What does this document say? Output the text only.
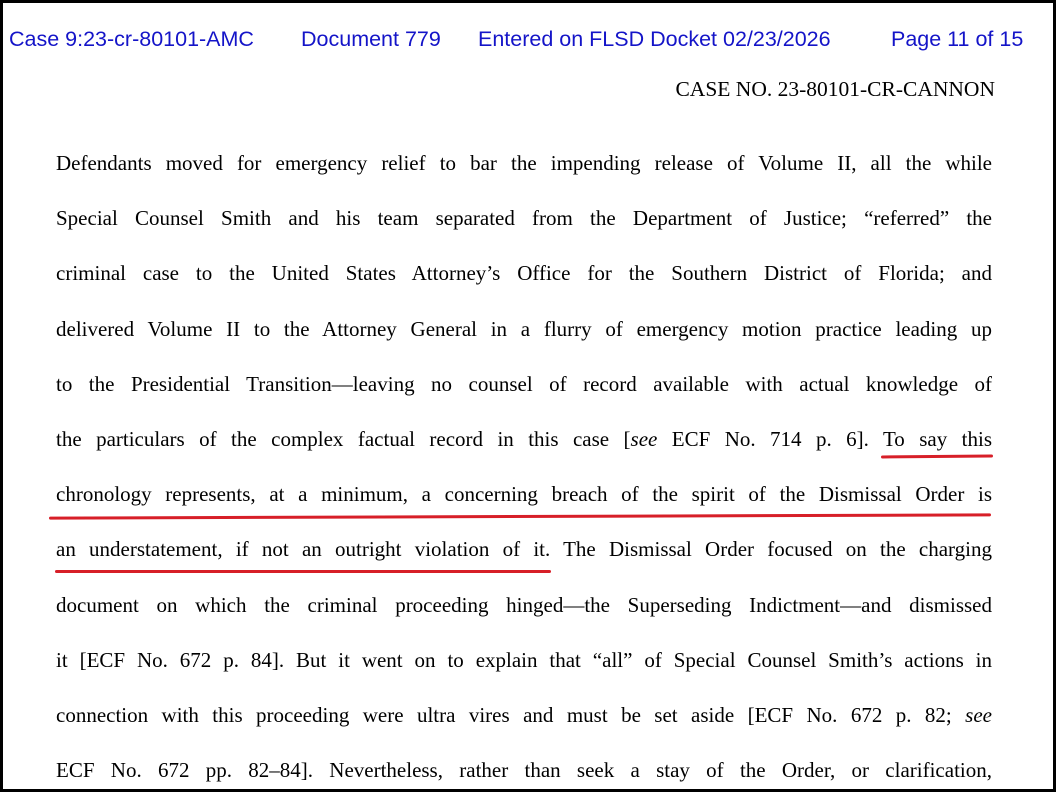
Case 9:23-cr-80101-AMC Document 779 Entered on FLSD Docket 02/23/2026	Page 11 of 15
CASE NO. 23-80101-CR-CANNON
Defendants moved for emergency relief to bar the impending release of Volume II, all the while
Special Counsel Smith and his team separated from the Department of Justice; “referred” the
criminal case to the United States Attorney’s Office for the Southern District of Florida; and
delivered Volume II to the Attorney General in a flurry of emergency motion practice leading up
to the Presidential Transition—leaving no counsel of record available with actual knowledge of
the particulars of the complex factual record in this case [see ECF No. 714 p. 6]. To say this
chronology represents, at a minimum, a concerning breach of the spirit of the Dismissal Order is
an understatement, if not an outright violation of it. The Dismissal Order focused on the charging
document on which the criminal proceeding hinged—the Superseding Indictment—and dismissed
it [ECF No. 672 p. 84]. But it went on to explain that “all” of Special Counsel Smith’s actions in
connection with this proceeding were ultra vires and must be set aside [ECF No. 672 p. 82; see
ECF No. 672 pp. 82–84]. Nevertheless, rather than seek a stay of the Order, or clarification,
